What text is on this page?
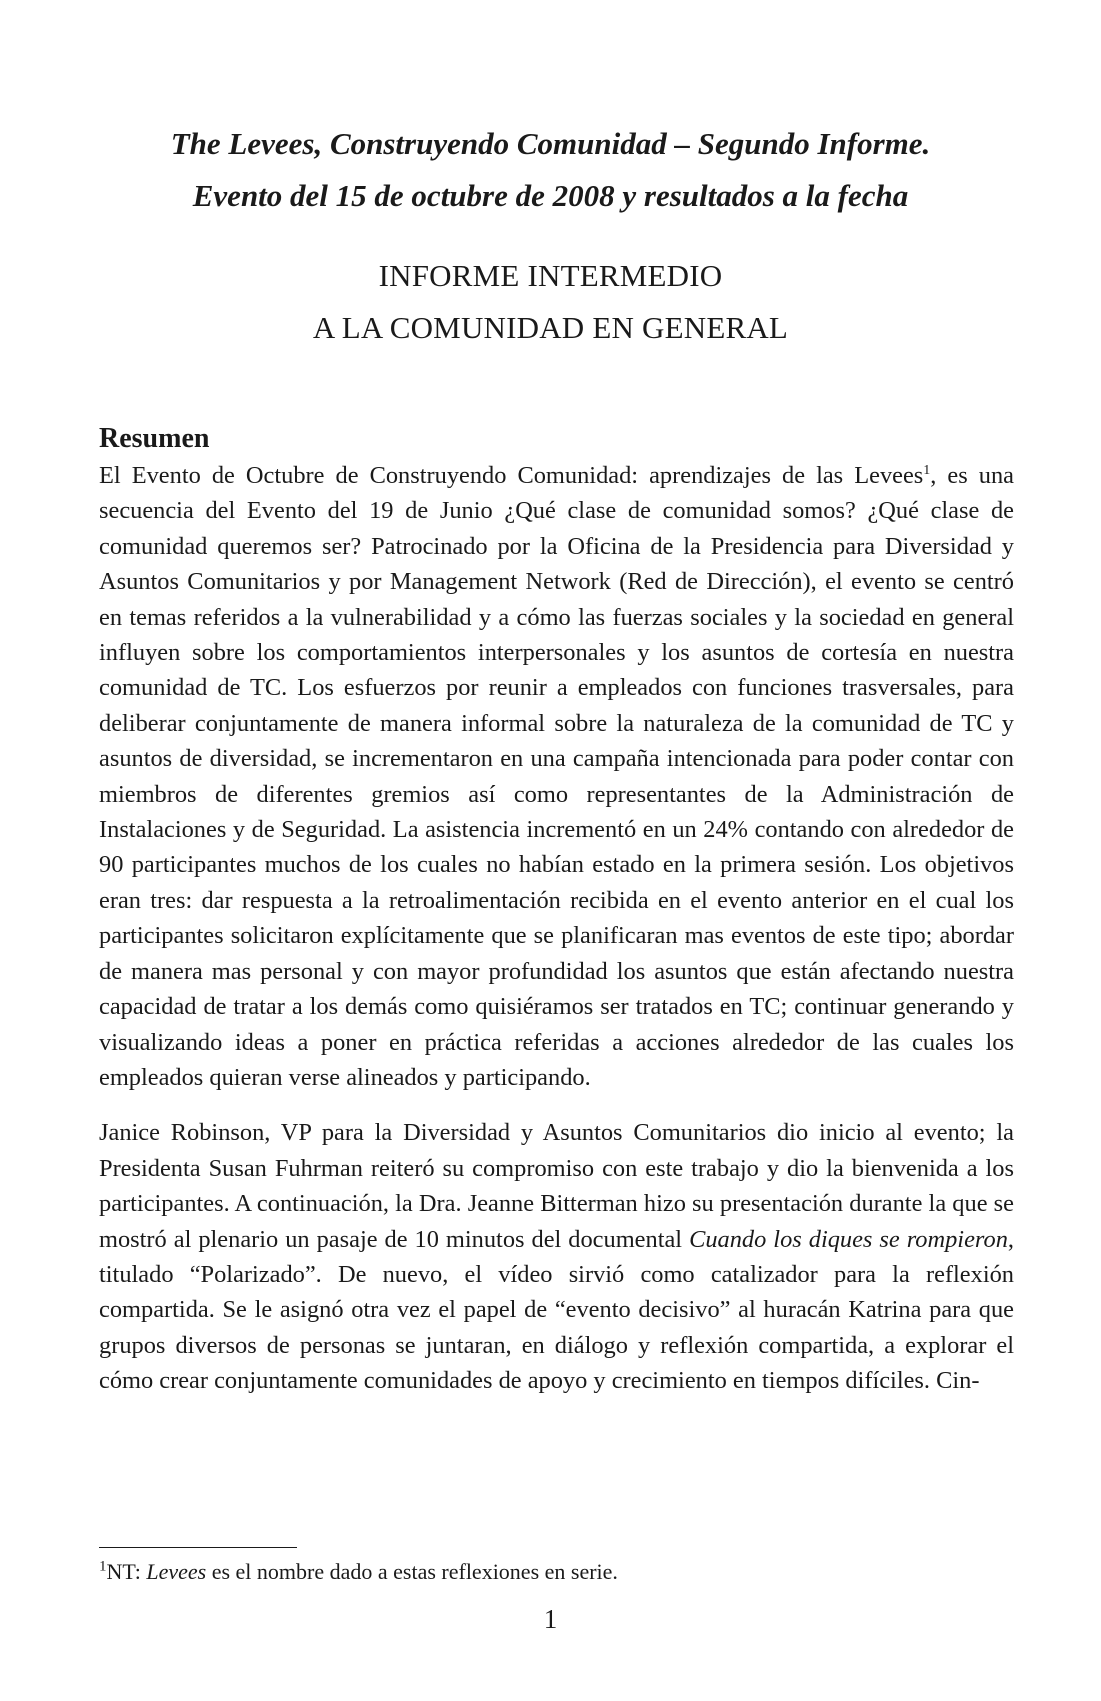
The Levees, Construyendo Comunidad – Segundo Informe.

Evento del 15 de octubre de 2008 y resultados a la fecha

INFORME INTERMEDIO

A LA COMUNIDAD EN GENERAL

Resumen

El Evento de Octubre de Construyendo Comunidad: aprendizajes de las Levees$^1$, es una secuencia del Evento del 19 de Junio ¿Qué clase de comunidad somos? ¿Qué clase de comunidad queremos ser? Patrocinado por la Oficina de la Presidencia para Diversidad y Asuntos Comunitarios y por Management Network (Red de Dirección), el evento se centró en temas referidos a la vulnerabilidad y a cómo las fuerzas sociales y la sociedad en general influyen sobre los comportamientos interpersonales y los asuntos de cortesía en nuestra comunidad de TC. Los esfuerzos por reunir a empleados con funciones trasversales, para deliberar conjuntamente de manera informal sobre la naturaleza de la comunidad de TC y asuntos de diversidad, se incrementaron en una campaña intencionada para poder contar con miembros de diferentes gremios así como representantes de la Administración de Instalaciones y de Seguridad. La asistencia incrementó en un 24% contando con alrededor de 90 participantes muchos de los cuales no habían estado en la primera sesión. Los objetivos eran tres: dar respuesta a la retroalimentación recibida en el evento anterior en el cual los participantes solicitaron explícitamente que se planificaran mas eventos de este tipo; abordar de manera mas personal y con mayor profundidad los asuntos que están afectando nuestra capacidad de tratar a los demás como quisiéramos ser tratados en TC; continuar generando y visualizando ideas a poner en práctica referidas a acciones alrededor de las cuales los empleados quieran verse alineados y participando.

Janice Robinson, VP para la Diversidad y Asuntos Comunitarios dio inicio al evento; la Presidenta Susan Fuhrman reiteró su compromiso con este trabajo y dio la bienvenida a los participantes. A continuación, la Dra. Jeanne Bitterman hizo su presentación durante la que se mostró al plenario un pasaje de 10 minutos del documental Cuando los diques se rompieron, titulado “Polarizado”. De nuevo, el vídeo sirvió como catalizador para la reflexión compartida. Se le asignó otra vez el papel de “evento decisivo” al huracán Katrina para que grupos diversos de personas se juntaran, en diálogo y reflexión compartida, a explorar el cómo crear conjuntamente comunidades de apoyo y crecimiento en tiempos difíciles. Cin-

$^1$NT: Levees es el nombre dado a estas reflexiones en serie.

1
